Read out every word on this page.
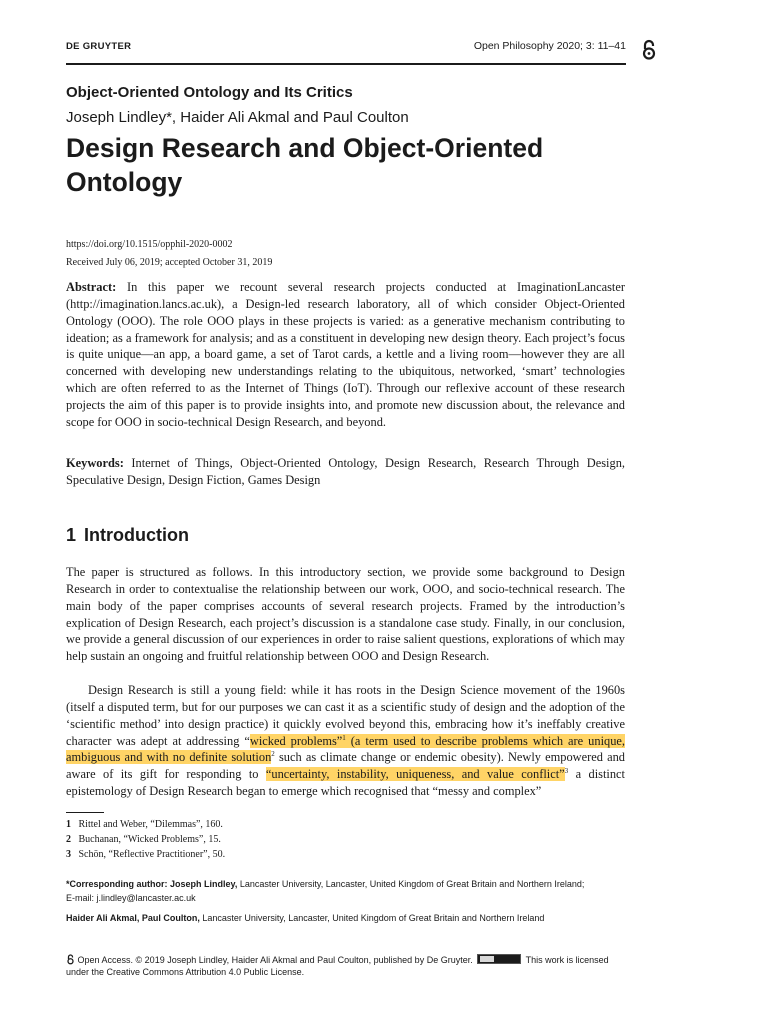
DE GRUYTER	Open Philosophy 2020; 3: 11–41
Object-Oriented Ontology and Its Critics
Joseph Lindley*, Haider Ali Akmal and Paul Coulton
Design Research and Object-Oriented Ontology
https://doi.org/10.1515/opphil-2020-0002
Received July 06, 2019; accepted October 31, 2019

Abstract: In this paper we recount several research projects conducted at ImaginationLancaster (http://imagination.lancs.ac.uk), a Design-led research laboratory, all of which consider Object-Oriented Ontology (OOO). The role OOO plays in these projects is varied: as a generative mechanism contributing to ideation; as a framework for analysis; and as a constituent in developing new design theory. Each project’s focus is quite unique—an app, a board game, a set of Tarot cards, a kettle and a living room—however they are all concerned with developing new understandings relating to the ubiquitous, networked, ‘smart’ technologies which are often referred to as the Internet of Things (IoT). Through our reflexive account of these research projects the aim of this paper is to provide insights into, and promote new discussion about, the relevance and scope for OOO in socio-technical Design Research, and beyond.

Keywords: Internet of Things, Object-Oriented Ontology, Design Research, Research Through Design, Speculative Design, Design Fiction, Games Design

1 Introduction

The paper is structured as follows. In this introductory section, we provide some background to Design Research in order to contextualise the relationship between our work, OOO, and socio-technical research. The main body of the paper comprises accounts of several research projects. Framed by the introduction’s explication of Design Research, each project’s discussion is a standalone case study. Finally, in our conclusion, we provide a general discussion of our experiences in order to raise salient questions, explorations of which may help sustain an ongoing and fruitful relationship between OOO and Design Research.

Design Research is still a young field: while it has roots in the Design Science movement of the 1960s (itself a disputed term, but for our purposes we can cast it as a scientific study of design and the adoption of the ‘scientific method’ into design practice) it quickly evolved beyond this, embracing how it’s ineffably creative character was adept at addressing “wicked problems”$^1$ (a term used to describe problems which are unique, ambiguous and with no definite solution$^2$ such as climate change or endemic obesity). Newly empowered and aware of its gift for responding to “uncertainty, instability, uniqueness, and value conflict”$^3$ a distinct epistemology of Design Research began to emerge which recognised that “messy and complex”

1 Rittel and Weber, “Dilemmas”, 160.
2 Buchanan, “Wicked Problems”, 15.
3 Schön, “Reflective Practitioner”, 50.
*Corresponding author: Joseph Lindley, Lancaster University, Lancaster, United Kingdom of Great Britain and Northern Ireland;
E-mail: j.lindley@lancaster.ac.uk
Haider Ali Akmal, Paul Coulton, Lancaster University, Lancaster, United Kingdom of Great Britain and Northern Ireland
Open Access. © 2019 Joseph Lindley, Haider Ali Akmal and Paul Coulton, published by De Gruyter.	This work is licensed under the Creative Commons Attribution 4.0 Public License.
